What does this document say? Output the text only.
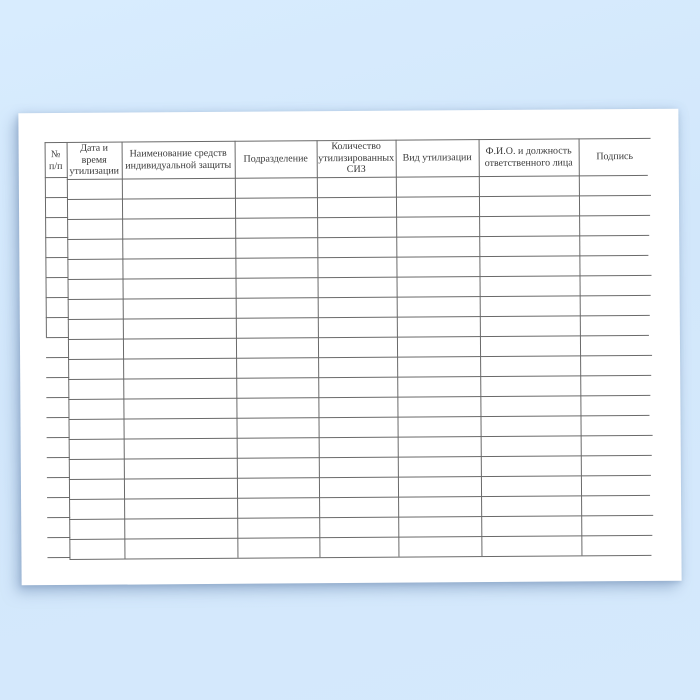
№
п/п
Дата и время
утилизации
Наименование средств
индивидуальной защиты
Подразделение
Количество
утилизированных
СИЗ
Вид утилизации
Ф.И.О. и должность
ответственного лица
Подпись
